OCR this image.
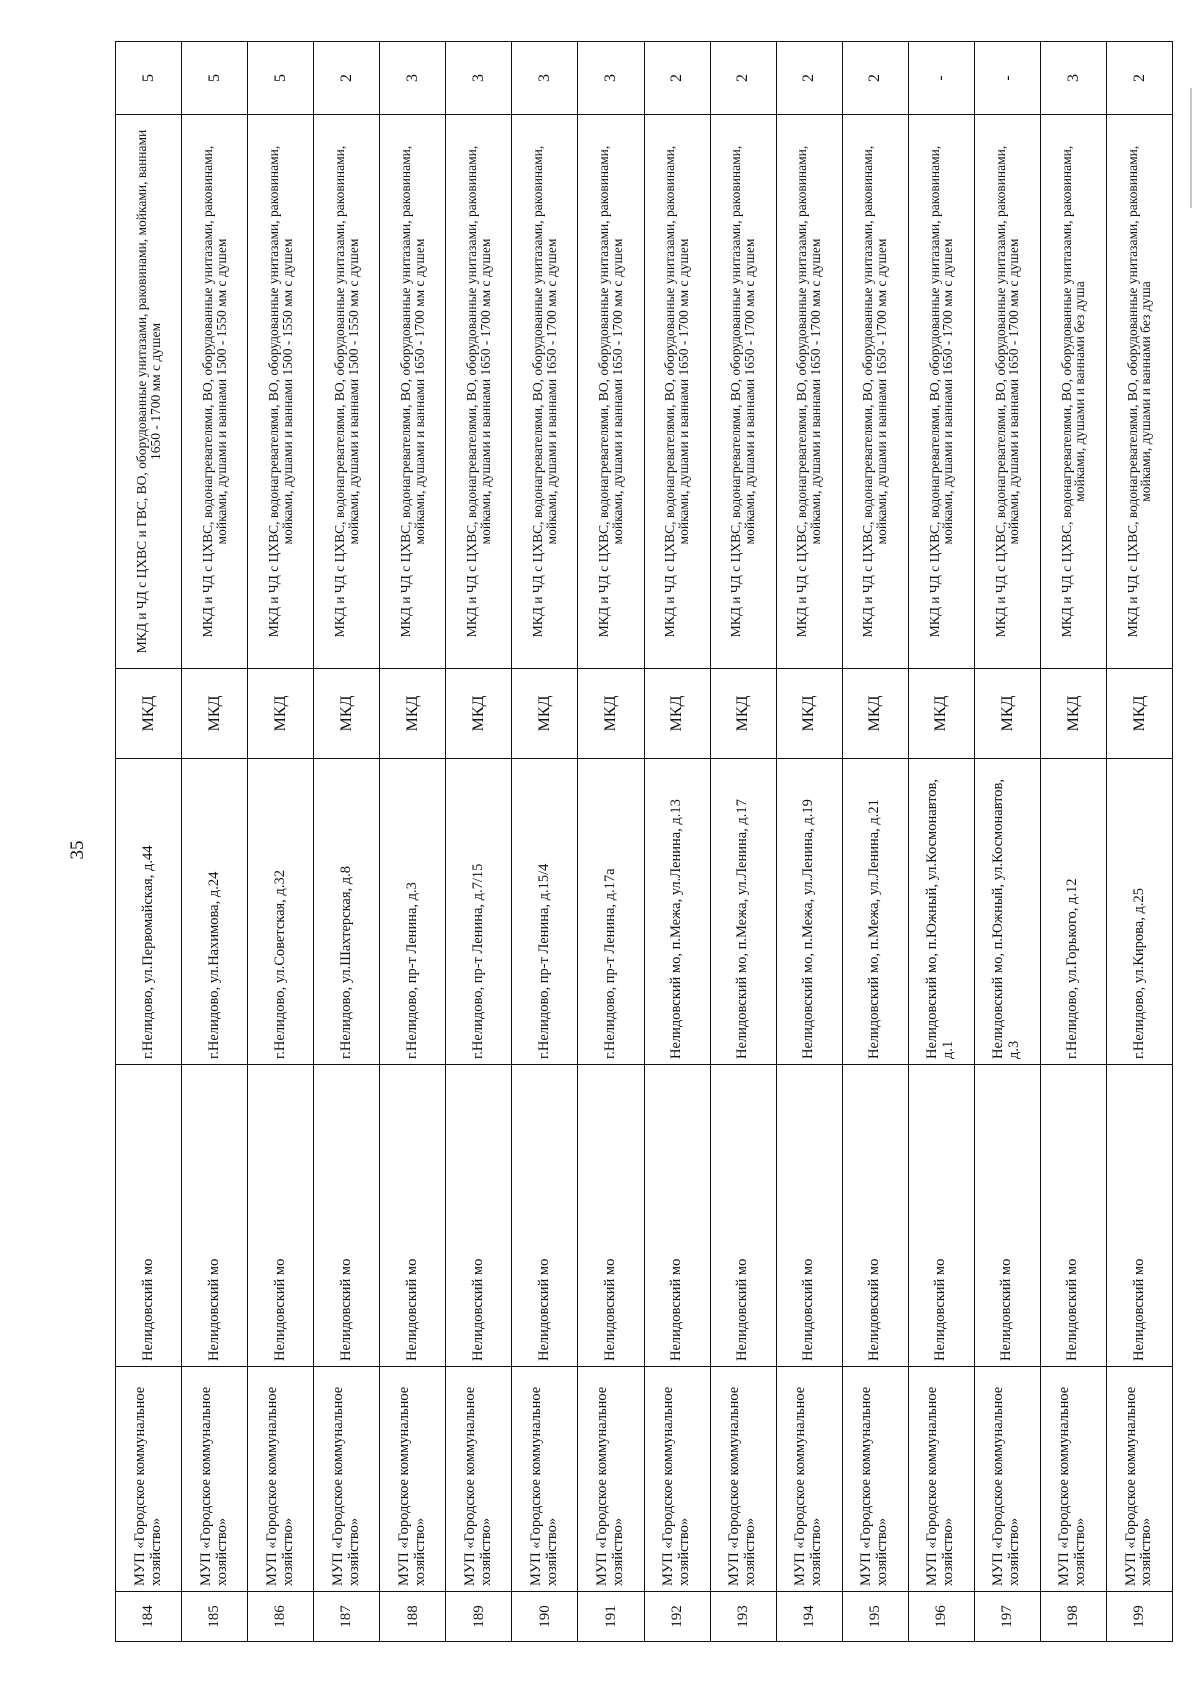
35
184	МУП «Городское коммунальное хозяйство»	Нелидовский мо	г.Нелидово, ул.Первомайская, д.44	МКД	МКД и ЧД с ЦХВС и ГВС, ВО, оборудованные унитазами, раковинами, мойками, ваннами 1650 - 1700 мм с душем	5
185	МУП «Городское коммунальное хозяйство»	Нелидовский мо	г.Нелидово, ул.Нахимова, д.24	МКД	МКД и ЧД с ЦХВС, водонагревателями, ВО, оборудованные унитазами, раковинами, мойками, душами и ваннами 1500 - 1550 мм с душем	5
186	МУП «Городское коммунальное хозяйство»	Нелидовский мо	г.Нелидово, ул.Советская, д.32	МКД	МКД и ЧД с ЦХВС, водонагревателями, ВО, оборудованные унитазами, раковинами, мойками, душами и ваннами 1500 - 1550 мм с душем	5
187	МУП «Городское коммунальное хозяйство»	Нелидовский мо	г.Нелидово, ул.Шахтерская, д.8	МКД	МКД и ЧД с ЦХВС, водонагревателями, ВО, оборудованные унитазами, раковинами, мойками, душами и ваннами 1500 - 1550 мм с душем	2
188	МУП «Городское коммунальное хозяйство»	Нелидовский мо	г.Нелидово, пр-т Ленина, д.3	МКД	МКД и ЧД с ЦХВС, водонагревателями, ВО, оборудованные унитазами, раковинами, мойками, душами и ваннами 1650 - 1700 мм с душем	3
189	МУП «Городское коммунальное хозяйство»	Нелидовский мо	г.Нелидово, пр-т Ленина, д.7/15	МКД	МКД и ЧД с ЦХВС, водонагревателями, ВО, оборудованные унитазами, раковинами, мойками, душами и ваннами 1650 - 1700 мм с душем	3
190	МУП «Городское коммунальное хозяйство»	Нелидовский мо	г.Нелидово, пр-т Ленина, д.15/4	МКД	МКД и ЧД с ЦХВС, водонагревателями, ВО, оборудованные унитазами, раковинами, мойками, душами и ваннами 1650 - 1700 мм с душем	3
191	МУП «Городское коммунальное хозяйство»	Нелидовский мо	г.Нелидово, пр-т Ленина, д.17а	МКД	МКД и ЧД с ЦХВС, водонагревателями, ВО, оборудованные унитазами, раковинами, мойками, душами и ваннами 1650 - 1700 мм с душем	3
192	МУП «Городское коммунальное хозяйство»	Нелидовский мо	Нелидовский мо, п.Межа, ул.Ленина, д.13	МКД	МКД и ЧД с ЦХВС, водонагревателями, ВО, оборудованные унитазами, раковинами, мойками, душами и ваннами 1650 - 1700 мм с душем	2
193	МУП «Городское коммунальное хозяйство»	Нелидовский мо	Нелидовский мо, п.Межа, ул.Ленина, д.17	МКД	МКД и ЧД с ЦХВС, водонагревателями, ВО, оборудованные унитазами, раковинами, мойками, душами и ваннами 1650 - 1700 мм с душем	2
194	МУП «Городское коммунальное хозяйство»	Нелидовский мо	Нелидовский мо, п.Межа, ул.Ленина, д.19	МКД	МКД и ЧД с ЦХВС, водонагревателями, ВО, оборудованные унитазами, раковинами, мойками, душами и ваннами 1650 - 1700 мм с душем	2
195	МУП «Городское коммунальное хозяйство»	Нелидовский мо	Нелидовский мо, п.Межа, ул.Ленина, д.21	МКД	МКД и ЧД с ЦХВС, водонагревателями, ВО, оборудованные унитазами, раковинами, мойками, душами и ваннами 1650 - 1700 мм с душем	2
196	МУП «Городское коммунальное хозяйство»	Нелидовский мо	Нелидовский мо, п.Южный, ул.Космонавтов, д.1	МКД	МКД и ЧД с ЦХВС, водонагревателями, ВО, оборудованные унитазами, раковинами, мойками, душами и ваннами 1650 - 1700 мм с душем	-
197	МУП «Городское коммунальное хозяйство»	Нелидовский мо	Нелидовский мо, п.Южный, ул.Космонавтов, д.3	МКД	МКД и ЧД с ЦХВС, водонагревателями, ВО, оборудованные унитазами, раковинами, мойками, душами и ваннами 1650 - 1700 мм с душем	-
198	МУП «Городское коммунальное хозяйство»	Нелидовский мо	г.Нелидово, ул.Горького, д.12	МКД	МКД и ЧД с ЦХВС, водонагревателями, ВО, оборудованные унитазами, раковинами, мойками, душами и ваннами без душа	3
199	МУП «Городское коммунальное хозяйство»	Нелидовский мо	г.Нелидово, ул.Кирова, д.25	МКД	МКД и ЧД с ЦХВС, водонагревателями, ВО, оборудованные унитазами, раковинами, мойками, душами и ваннами без душа	2
